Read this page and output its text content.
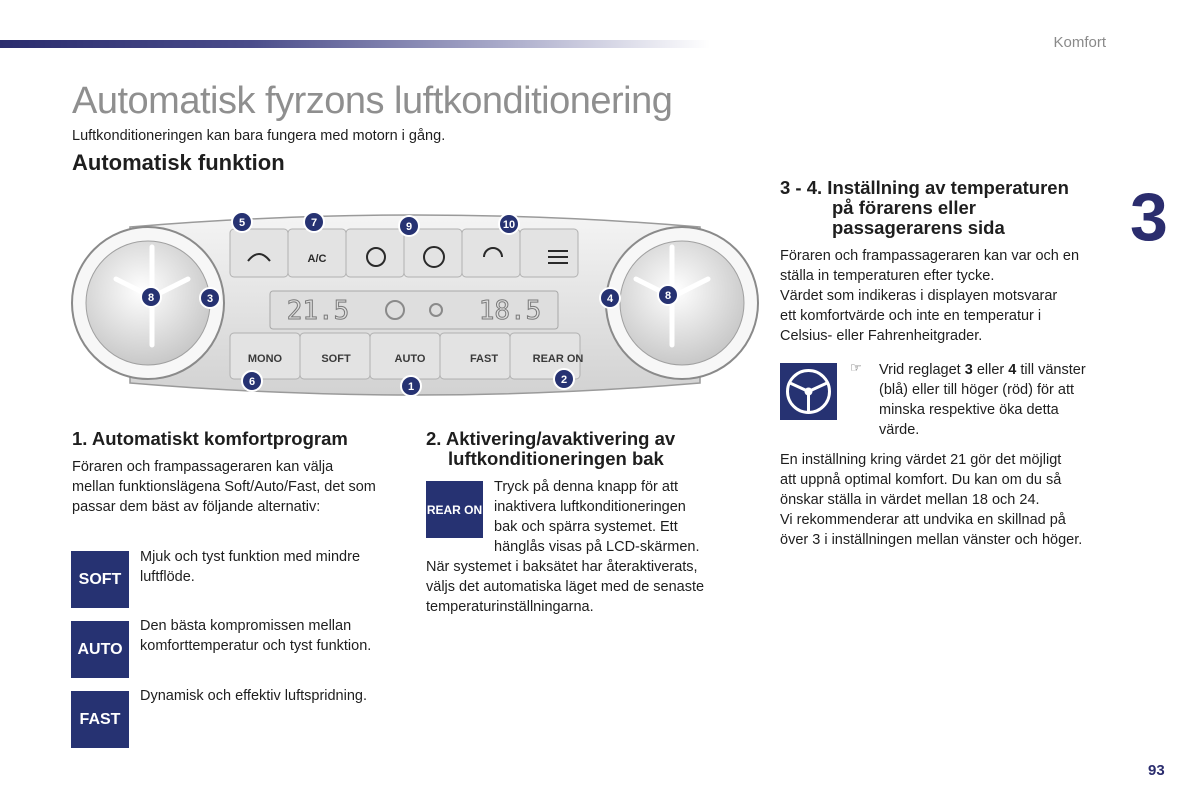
Komfort
3
Automatisk fyrzons luftkonditionering
Luftkonditioneringen kan bara fungera med motorn i gång.
Automatisk funktion
21.5	18.5
A/C
MONO	SOFT	AUTO	FAST	REAR ON
5	7	9	10
8	3	4	8
6	1
2
1. Automatiskt komfortprogram
Föraren och frampassageraren kan välja
mellan funktionslägena Soft/Auto/Fast, det som
passar dem bäst av följande alternativ:
SOFT
Mjuk och tyst funktion med mindre
luftflöde.
AUTO
Den bästa kompromissen mellan
komforttemperatur och tyst funktion.
FAST
Dynamisk och effektiv luftspridning.
2. Aktivering/avaktivering av
luftkonditioneringen bak
REAR ON
Tryck på denna knapp för att
inaktivera luftkonditioneringen
bak och spärra systemet. Ett
hänglås visas på LCD-skärmen.
När systemet i baksätet har återaktiverats,
väljs det automatiska läget med de senaste
temperaturinställningarna.
3 - 4. Inställning av temperaturen
på förarens eller
passagerarens sida
Föraren och frampassageraren kan var och en
ställa in temperaturen efter tycke.
Värdet som indikeras i displayen motsvarar
ett komfortvärde och inte en temperatur i
Celsius- eller Fahrenheitgrader.
☞ Vrid reglaget 3 eller 4 till vänster
(blå) eller till höger (röd) för att
minska respektive öka detta
värde.
En inställning kring värdet 21 gör det möjligt
att uppnå optimal komfort. Du kan om du så
önskar ställa in värdet mellan 18 och 24.
Vi rekommenderar att undvika en skillnad på
över 3 i inställningen mellan vänster och höger.
93
